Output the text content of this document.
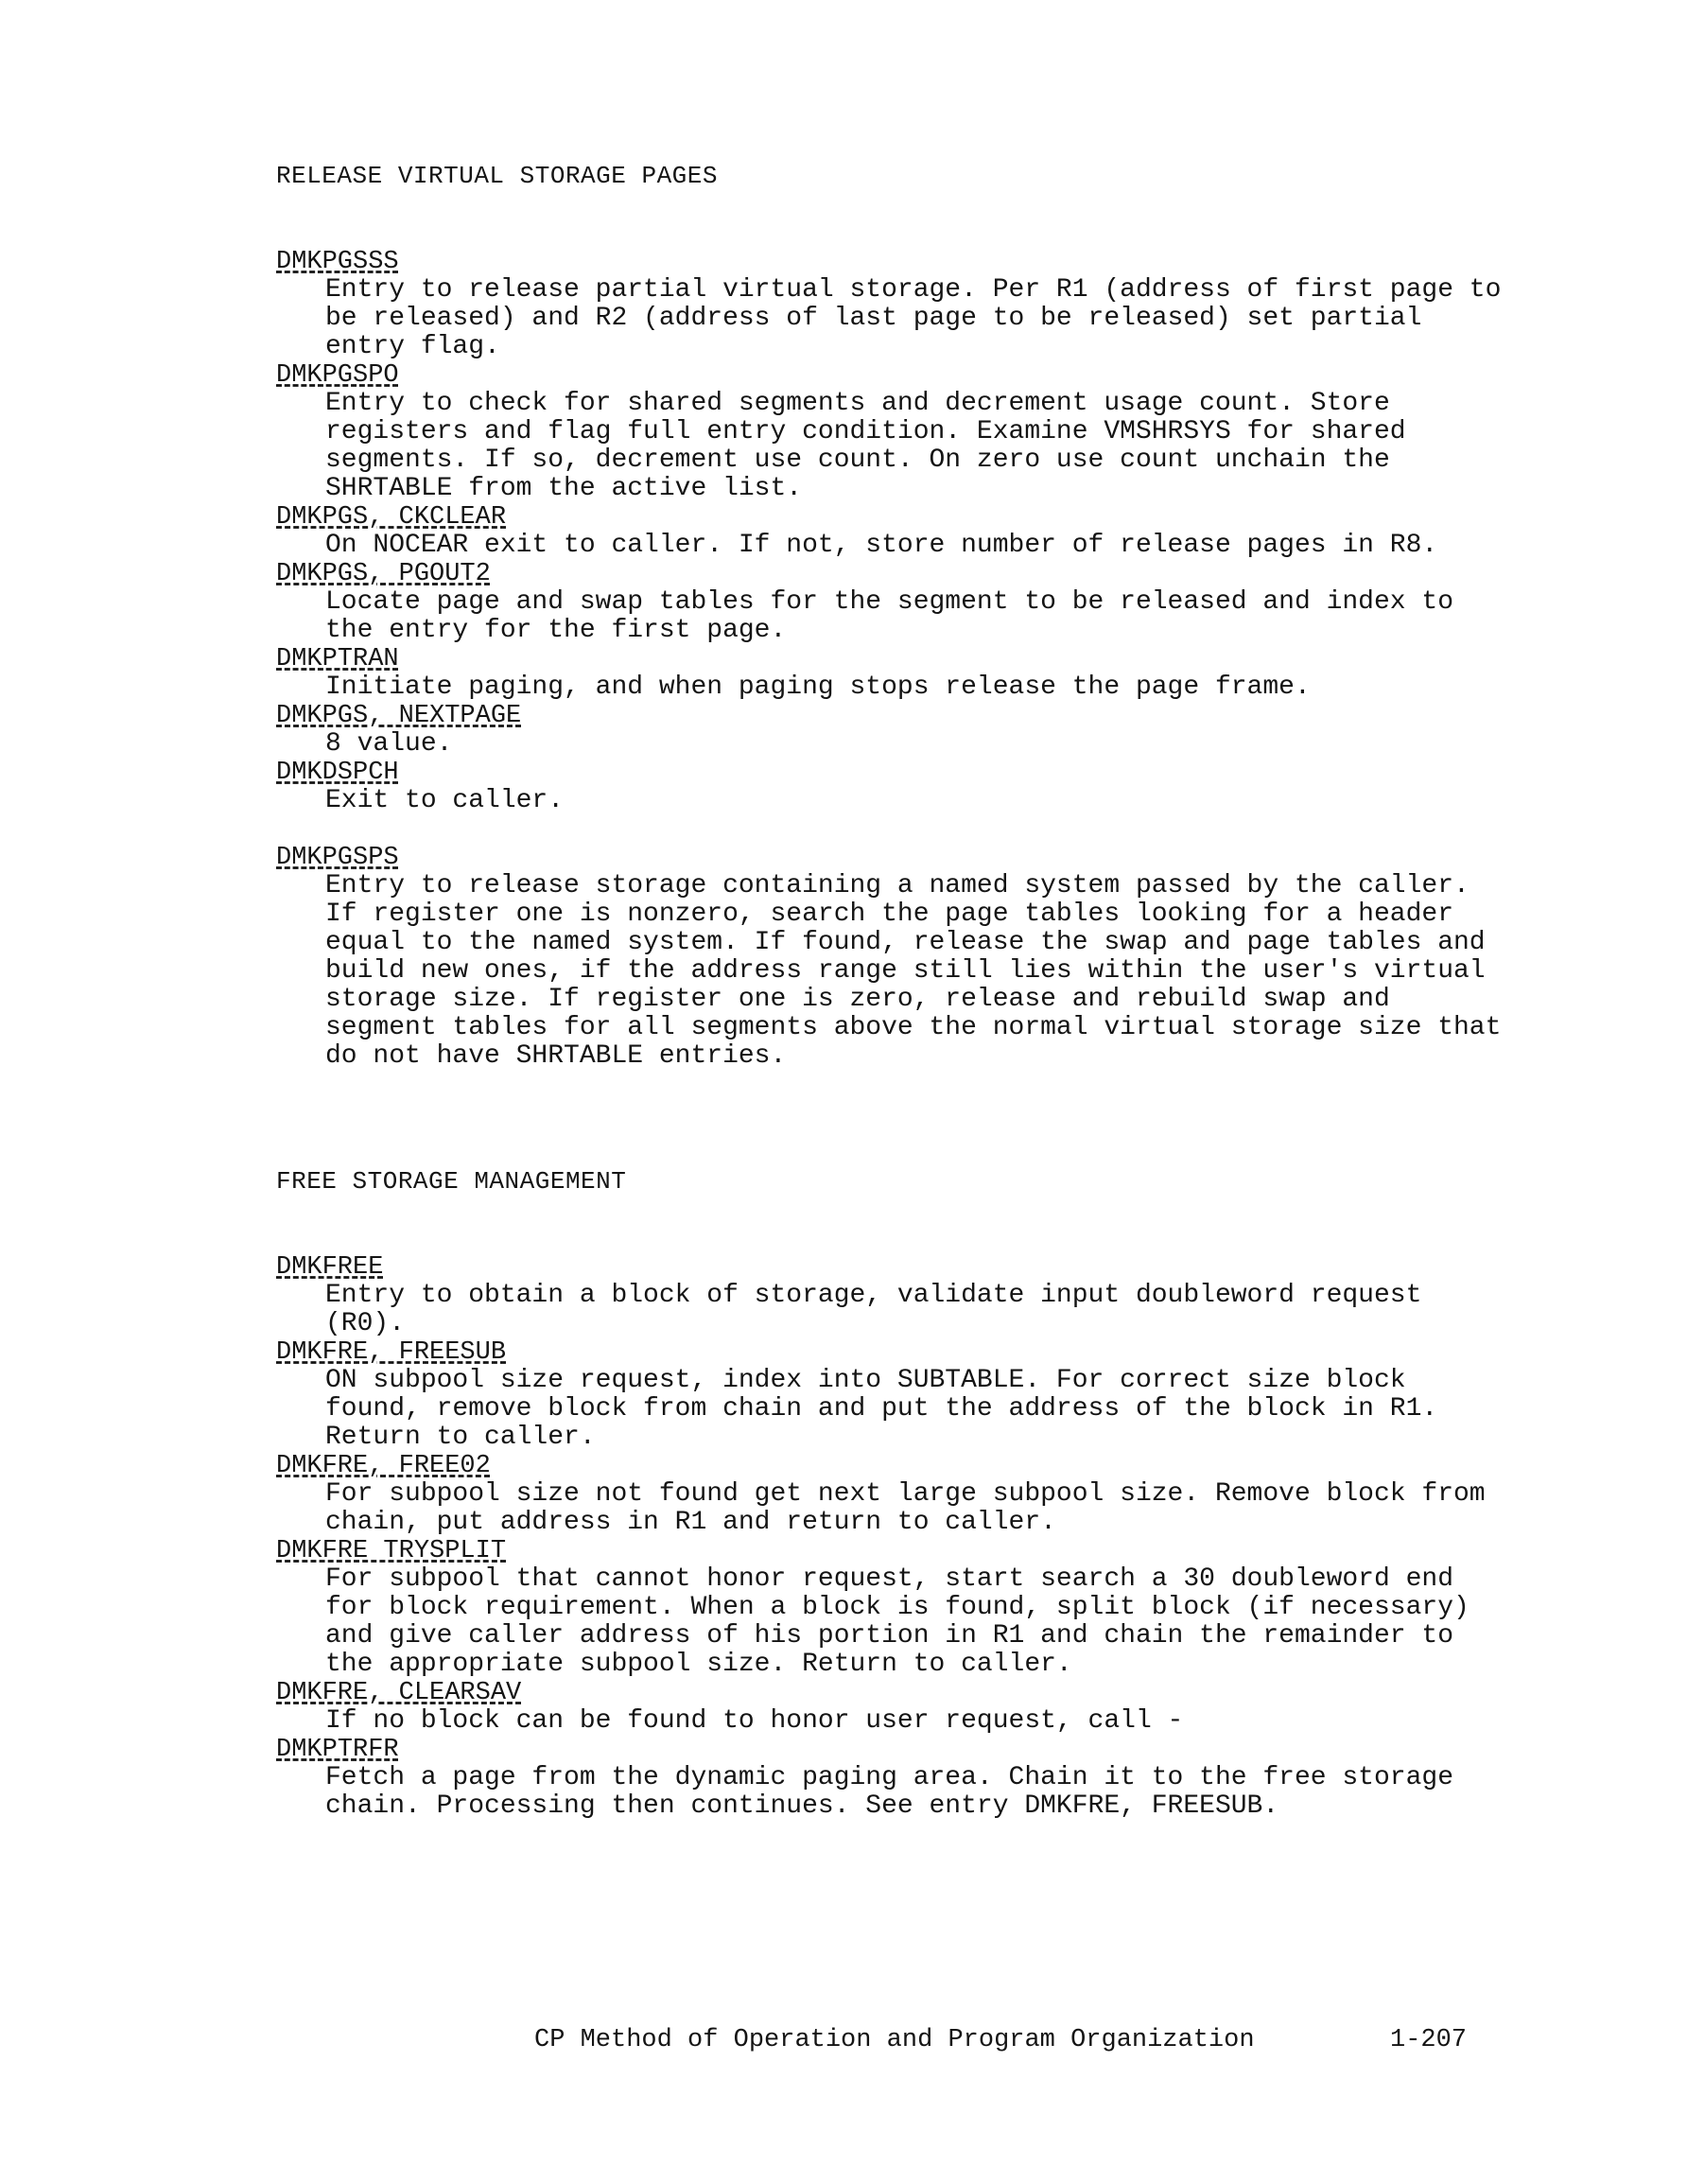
RELEASE VIRTUAL STORAGE PAGES
DMKPGSSS
Entry to release partial virtual storage. Per R1 (address of first page to be released) and R2 (address of last page to be released) set partial entry flag.
DMKPGSPO
Entry to check for shared segments and decrement usage count. Store registers and flag full entry condition. Examine VMSHRSYS for shared segments. If so, decrement use count. On zero use count unchain the SHRTABLE from the active list.
DMKPGS, CKCLEAR
On NOCEAR exit to caller. If not, store number of release pages in R8.
DMKPGS, PGOUT2
Locate page and swap tables for the segment to be released and index to the entry for the first page.
DMKPTRAN
Initiate paging, and when paging stops release the page frame.
DMKPGS, NEXTPAGE
8 value.
DMKDSPCH
Exit to caller.
DMKPGSPS
Entry to release storage containing a named system passed by the caller. If register one is nonzero, search the page tables looking for a header equal to the named system. If found, release the swap and page tables and build new ones, if the address range still lies within the user's virtual storage size. If register one is zero, release and rebuild swap and segment tables for all segments above the normal virtual storage size that do not have SHRTABLE entries.
FREE STORAGE MANAGEMENT
DMKFREE
Entry to obtain a block of storage, validate input doubleword request (R0).
DMKFRE, FREESUB
ON subpool size request, index into SUBTABLE. For correct size block found, remove block from chain and put the address of the block in R1. Return to caller.
DMKFRE, FREE02
For subpool size not found get next large subpool size. Remove block from chain, put address in R1 and return to caller.
DMKFRE TRYSPLIT
For subpool that cannot honor request, start search a 30 doubleword end for block requirement. When a block is found, split block (if necessary) and give caller address of his portion in R1 and chain the remainder to the appropriate subpool size. Return to caller.
DMKFRE, CLEARSAV
If no block can be found to honor user request, call -
DMKPTRFR
Fetch a page from the dynamic paging area. Chain it to the free storage chain. Processing then continues. See entry DMKFRE, FREESUB.
CP Method of Operation and Program Organization	1-207
